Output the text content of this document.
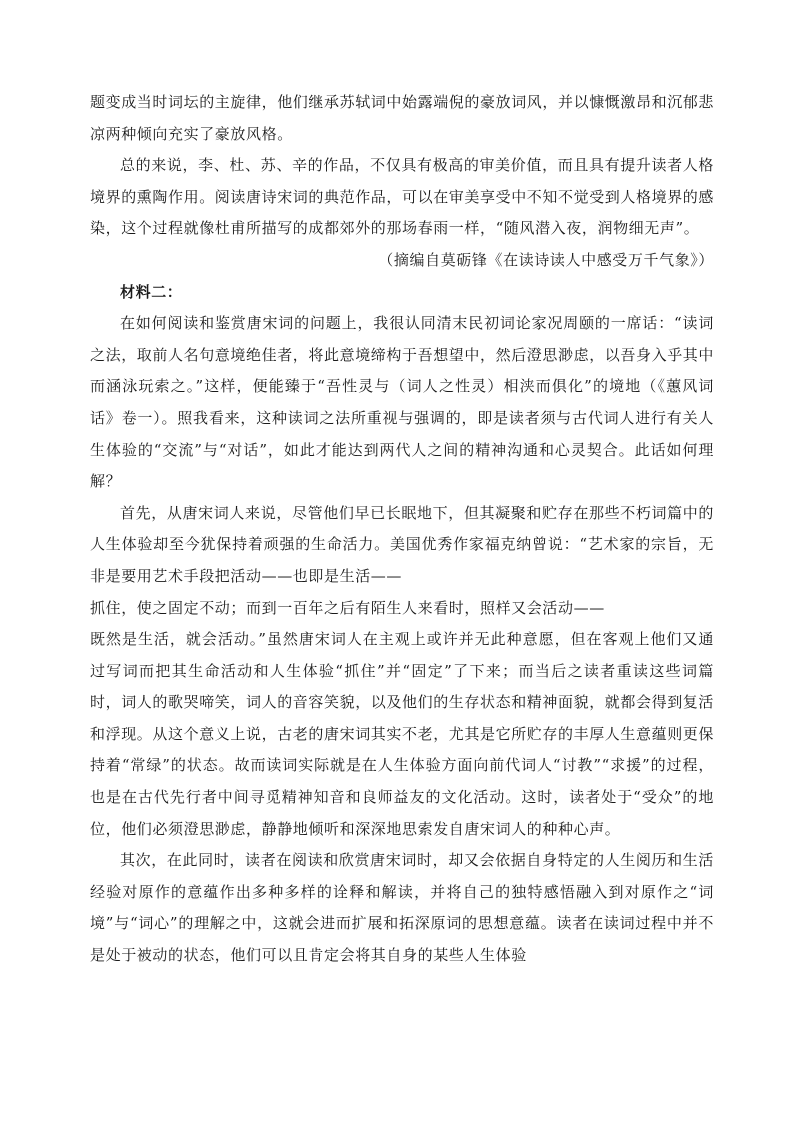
题变成当时词坛的主旋律，他们继承苏轼词中始露端倪的豪放词风，并以慷慨激昂和沉郁悲凉两种倾向充实了豪放风格。

总的来说，李、杜、苏、辛的作品，不仅具有极高的审美价值，而且具有提升读者人格境界的熏陶作用。阅读唐诗宋词的典范作品，可以在审美享受中不知不觉受到人格境界的感染，这个过程就像杜甫所描写的成都郊外的那场春雨一样，“随风潜入夜，润物细无声”。

（摘编自莫砺锋《在读诗读人中感受万千气象》）

材料二：

在如何阅读和鉴赏唐宋词的问题上，我很认同清末民初词论家况周颐的一席话：“读词之法，取前人名句意境绝佳者，将此意境缔构于吾想望中，然后澄思渺虑，以吾身入乎其中而涵泳玩索之。”这样，便能臻于“吾性灵与（词人之性灵）相浃而俱化”的境地（《蕙风词话》卷一）。照我看来，这种读词之法所重视与强调的，即是读者须与古代词人进行有关人生体验的“交流”与“对话”，如此才能达到两代人之间的精神沟通和心灵契合。此话如何理解？

首先，从唐宋词人来说，尽管他们早已长眠地下，但其凝聚和贮存在那些不朽词篇中的人生体验却至今犹保持着顽强的生命活力。美国优秀作家福克纳曾说：“艺术家的宗旨，无非是要用艺术手段把活动——也即是生活——

抓住，使之固定不动；而到一百年之后有陌生人来看时，照样又会活动——

既然是生活，就会活动。”虽然唐宋词人在主观上或许并无此种意愿，但在客观上他们又通过写词而把其生命活动和人生体验“抓住”并“固定”了下来；而当后之读者重读这些词篇时，词人的歌哭啼笑，词人的音容笑貌，以及他们的生存状态和精神面貌，就都会得到复活和浮现。从这个意义上说，古老的唐宋词其实不老，尤其是它所贮存的丰厚人生意蕴则更保持着“常绿”的状态。故而读词实际就是在人生体验方面向前代词人“讨教”“求援”的过程，也是在古代先行者中间寻觅精神知音和良师益友的文化活动。这时，读者处于“受众”的地位，他们必须澄思渺虑，静静地倾听和深深地思索发自唐宋词人的种种心声。

其次，在此同时，读者在阅读和欣赏唐宋词时，却又会依据自身特定的人生阅历和生活经验对原作的意蕴作出多种多样的诠释和解读，并将自己的独特感悟融入到对原作之“词境”与“词心”的理解之中，这就会进而扩展和拓深原词的思想意蕴。读者在读词过程中并不是处于被动的状态，他们可以且肯定会将其自身的某些人生体验
